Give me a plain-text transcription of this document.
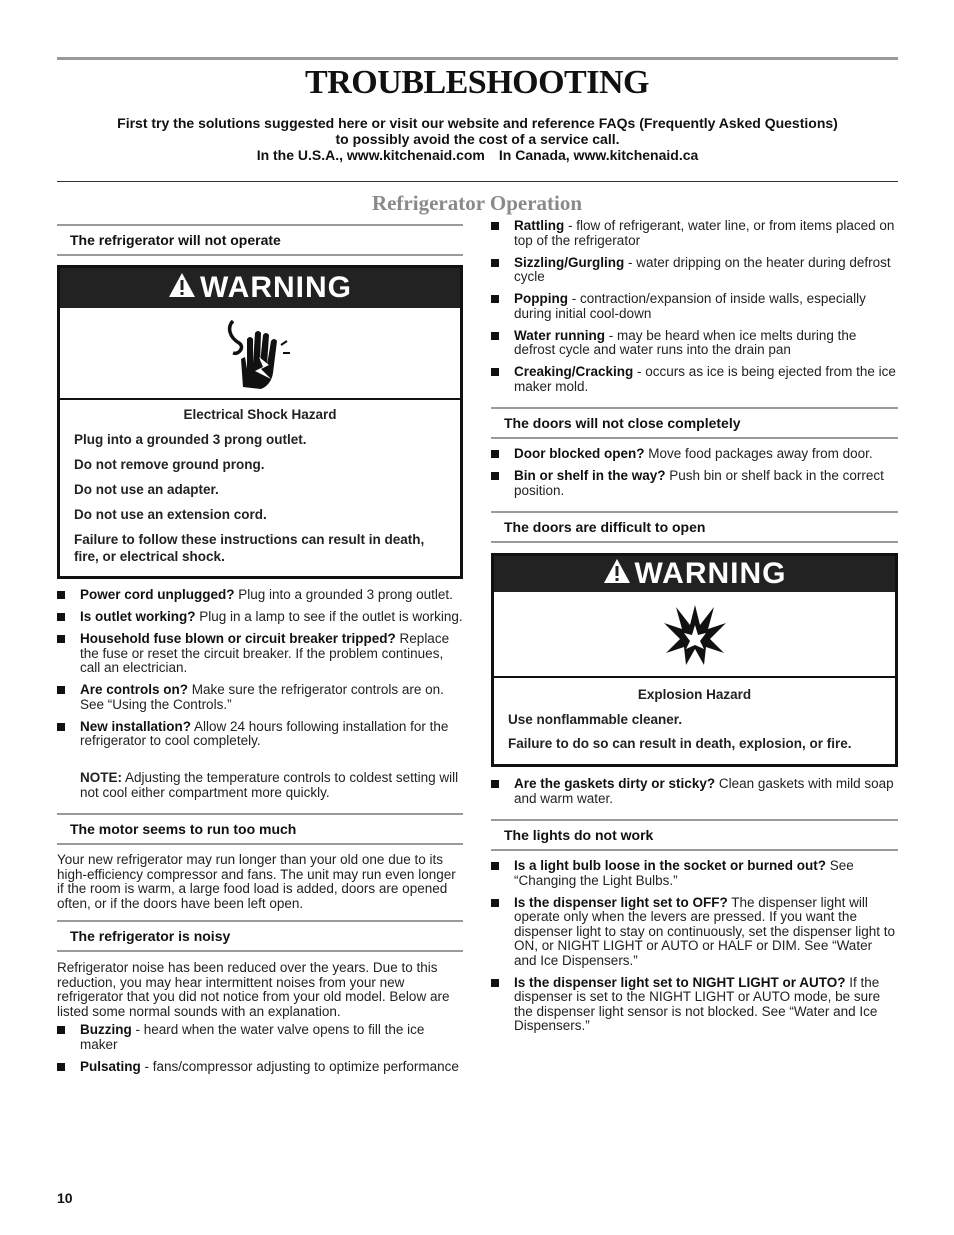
TROUBLESHOOTING
First try the solutions suggested here or visit our website and reference FAQs (Frequently Asked Questions)
to possibly avoid the cost of a service call.
In the U.S.A., www.kitchenaid.com In Canada, www.kitchenaid.ca
Refrigerator Operation
The refrigerator will not operate
WARNING

Electrical Shock Hazard

Plug into a grounded 3 prong outlet.

Do not remove ground prong.

Do not use an adapter.

Do not use an extension cord.

Failure to follow these instructions can result in death, fire, or electrical shock.

Power cord unplugged? Plug into a grounded 3 prong outlet.
Is outlet working? Plug in a lamp to see if the outlet is working.
Household fuse blown or circuit breaker tripped? Replace the fuse or reset the circuit breaker. If the problem continues, call an electrician.
Are controls on? Make sure the refrigerator controls are on. See “Using the Controls.”
New installation? Allow 24 hours following installation for the refrigerator to cool completely.
NOTE: Adjusting the temperature controls to coldest setting will not cool either compartment more quickly.
The motor seems to run too much
Your new refrigerator may run longer than your old one due to its high-efficiency compressor and fans. The unit may run even longer if the room is warm, a large food load is added, doors are opened often, or if the doors have been left open.
The refrigerator is noisy
Refrigerator noise has been reduced over the years. Due to this reduction, you may hear intermittent noises from your new refrigerator that you did not notice from your old model. Below are listed some normal sounds with an explanation.
Buzzing - heard when the water valve opens to fill the ice maker
Pulsating - fans/compressor adjusting to optimize performance
Rattling - flow of refrigerant, water line, or from items placed on top of the refrigerator
Sizzling/Gurgling - water dripping on the heater during defrost cycle
Popping - contraction/expansion of inside walls, especially during initial cool-down
Water running - may be heard when ice melts during the defrost cycle and water runs into the drain pan
Creaking/Cracking - occurs as ice is being ejected from the ice maker mold.
The doors will not close completely
Door blocked open? Move food packages away from door.
Bin or shelf in the way? Push bin or shelf back in the correct position.
The doors are difficult to open
WARNING

Explosion Hazard

Use nonflammable cleaner.

Failure to do so can result in death, explosion, or fire.

Are the gaskets dirty or sticky? Clean gaskets with mild soap and warm water.
The lights do not work
Is a light bulb loose in the socket or burned out? See “Changing the Light Bulbs.”
Is the dispenser light set to OFF? The dispenser light will operate only when the levers are pressed. If you want the dispenser light to stay on continuously, set the dispenser light to ON, or NIGHT LIGHT or AUTO or HALF or DIM. See “Water and Ice Dispensers.”
Is the dispenser light set to NIGHT LIGHT or AUTO? If the dispenser is set to the NIGHT LIGHT or AUTO mode, be sure the dispenser light sensor is not blocked. See “Water and Ice Dispensers.”
10
